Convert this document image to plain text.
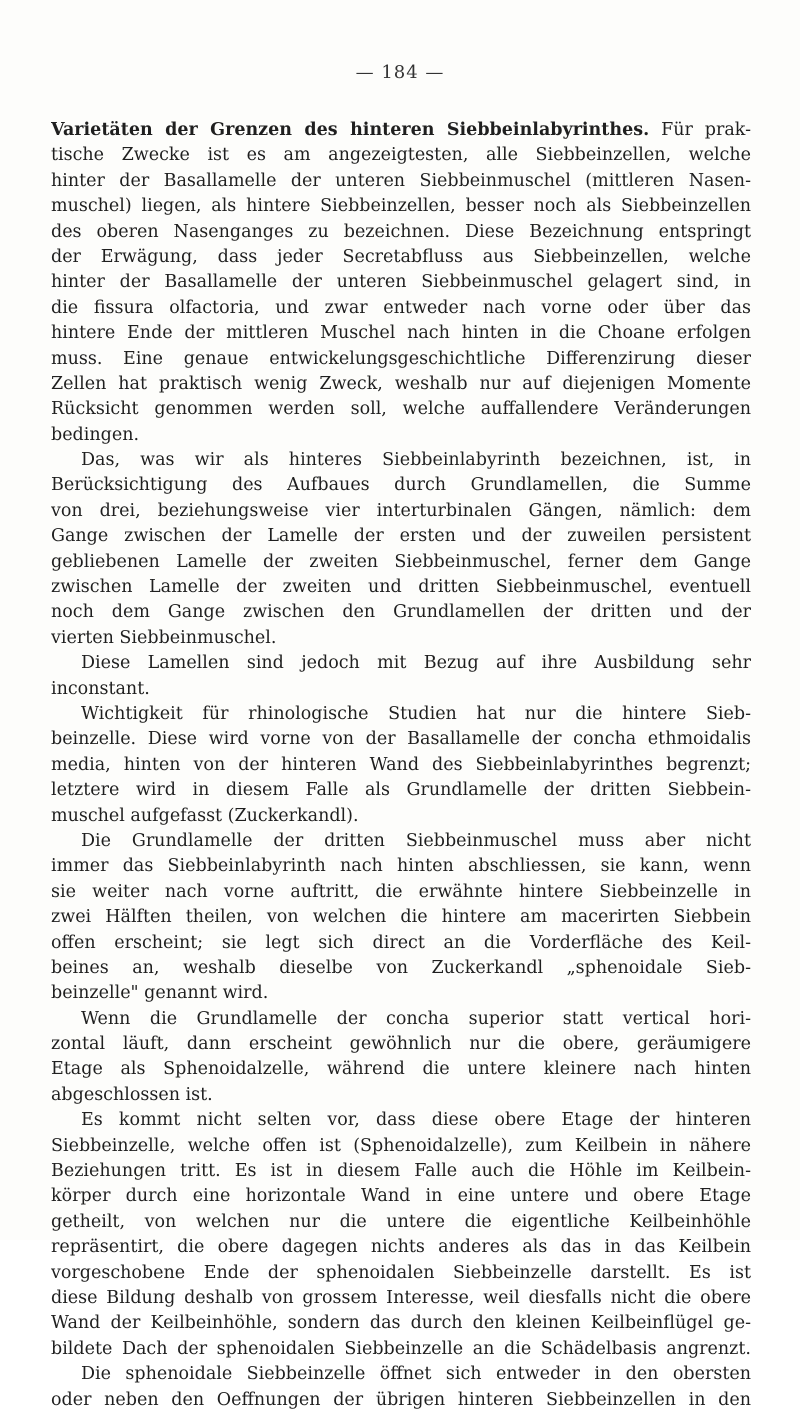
— 184 —
Varietäten der Grenzen des hinteren Siebbeinlabyrinthes. Für prak-
tische Zwecke ist es am angezeigtesten, alle Siebbeinzellen, welche
hinter der Basallamelle der unteren Siebbeinmuschel (mittleren Nasen-
muschel) liegen, als hintere Siebbeinzellen, besser noch als Siebbeinzellen
des oberen Nasenganges zu bezeichnen. Diese Bezeichnung entspringt
der Erwägung, dass jeder Secretabfluss aus Siebbeinzellen, welche
hinter der Basallamelle der unteren Siebbeinmuschel gelagert sind, in
die fissura olfactoria, und zwar entweder nach vorne oder über das
hintere Ende der mittleren Muschel nach hinten in die Choane erfolgen
muss. Eine genaue entwickelungsgeschichtliche Differenzirung dieser
Zellen hat praktisch wenig Zweck, weshalb nur auf diejenigen Momente
Rücksicht genommen werden soll, welche auffallendere Veränderungen
bedingen.
Das, was wir als hinteres Siebbeinlabyrinth bezeichnen, ist, in
Berücksichtigung des Aufbaues durch Grundlamellen, die Summe
von drei, beziehungsweise vier interturbinalen Gängen, nämlich: dem
Gange zwischen der Lamelle der ersten und der zuweilen persistent
gebliebenen Lamelle der zweiten Siebbeinmuschel, ferner dem Gange
zwischen Lamelle der zweiten und dritten Siebbeinmuschel, eventuell
noch dem Gange zwischen den Grundlamellen der dritten und der
vierten Siebbeinmuschel.
Diese Lamellen sind jedoch mit Bezug auf ihre Ausbildung sehr
inconstant.
Wichtigkeit für rhinologische Studien hat nur die hintere Sieb-
beinzelle. Diese wird vorne von der Basallamelle der concha ethmoidalis
media, hinten von der hinteren Wand des Siebbeinlabyrinthes begrenzt;
letztere wird in diesem Falle als Grundlamelle der dritten Siebbein-
muschel aufgefasst (Zuckerkandl).
Die Grundlamelle der dritten Siebbeinmuschel muss aber nicht
immer das Siebbeinlabyrinth nach hinten abschliessen, sie kann, wenn
sie weiter nach vorne auftritt, die erwähnte hintere Siebbeinzelle in
zwei Hälften theilen, von welchen die hintere am macerirten Siebbein
offen erscheint; sie legt sich direct an die Vorderfläche des Keil-
beines an, weshalb dieselbe von Zuckerkandl „sphenoidale Sieb-
beinzelle" genannt wird.
Wenn die Grundlamelle der concha superior statt vertical hori-
zontal läuft, dann erscheint gewöhnlich nur die obere, geräumigere
Etage als Sphenoidalzelle, während die untere kleinere nach hinten
abgeschlossen ist.
Es kommt nicht selten vor, dass diese obere Etage der hinteren
Siebbeinzelle, welche offen ist (Sphenoidalzelle), zum Keilbein in nähere
Beziehungen tritt. Es ist in diesem Falle auch die Höhle im Keilbein-
körper durch eine horizontale Wand in eine untere und obere Etage
getheilt, von welchen nur die untere die eigentliche Keilbeinhöhle
repräsentirt, die obere dagegen nichts anderes als das in das Keilbein
vorgeschobene Ende der sphenoidalen Siebbeinzelle darstellt. Es ist
diese Bildung deshalb von grossem Interesse, weil diesfalls nicht die obere
Wand der Keilbeinhöhle, sondern das durch den kleinen Keilbeinflügel ge-
bildete Dach der sphenoidalen Siebbeinzelle an die Schädelbasis angrenzt.
Die sphenoidale Siebbeinzelle öffnet sich entweder in den obersten
oder neben den Oeffnungen der übrigen hinteren Siebbeinzellen in den
